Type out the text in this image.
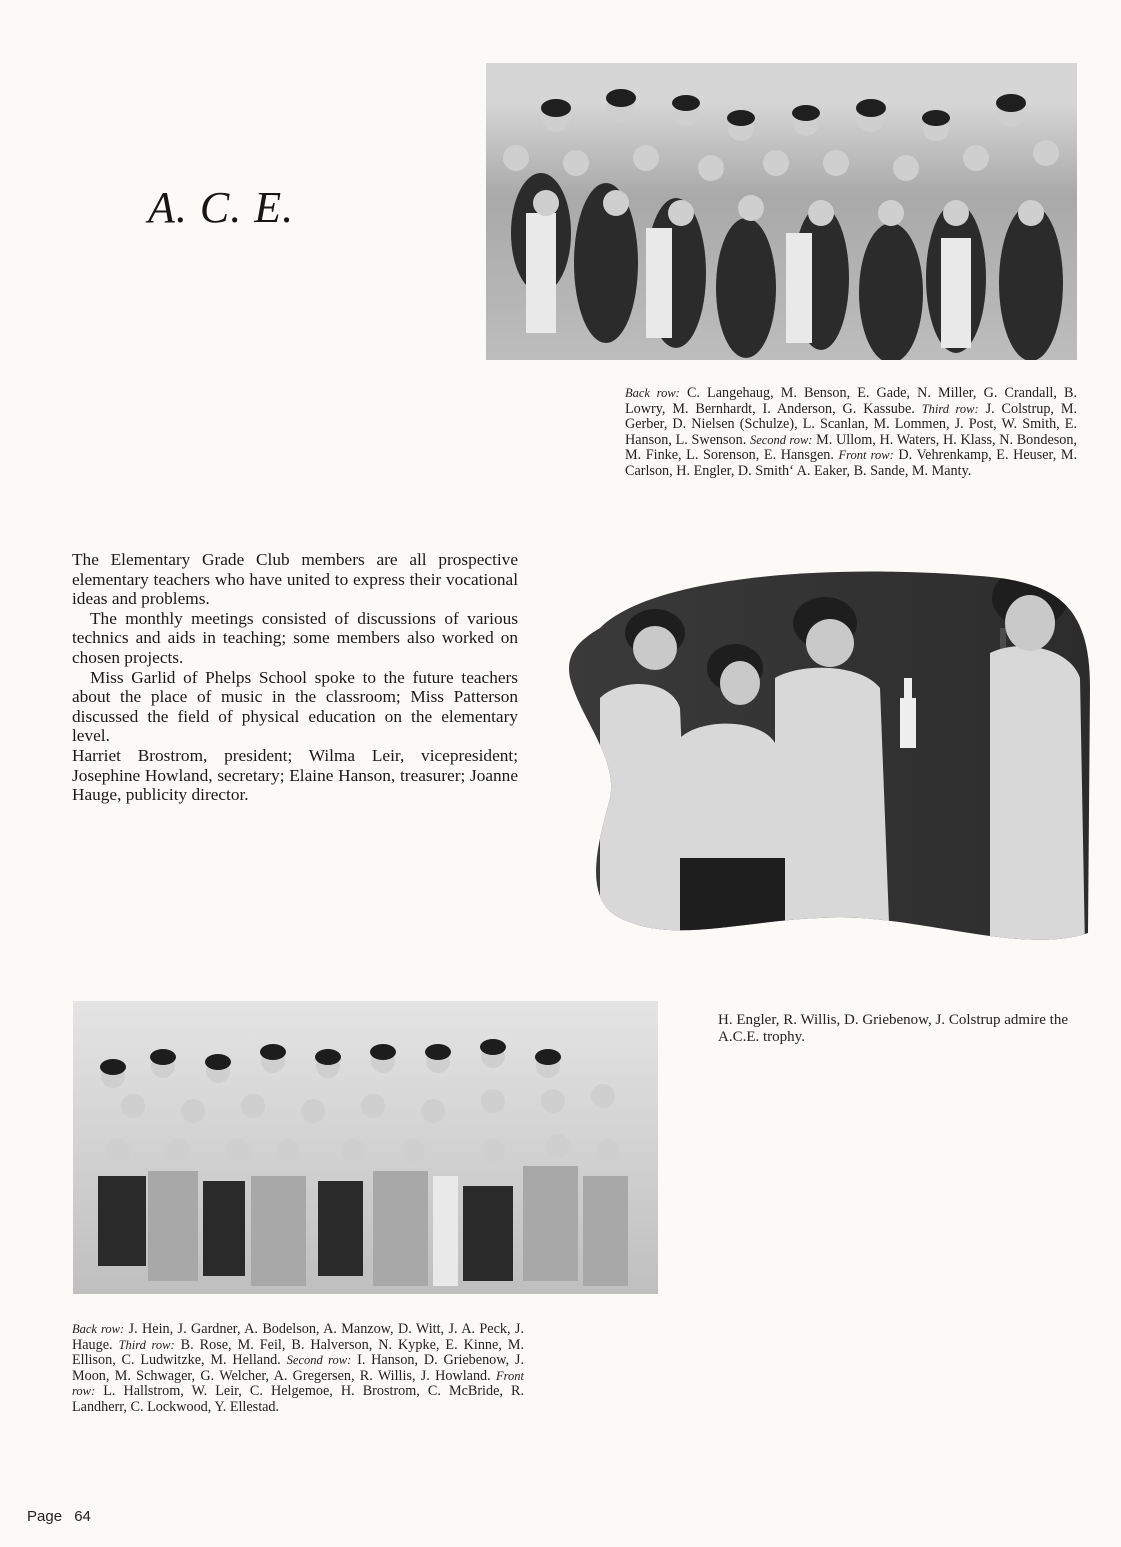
A. C. E.
Back row: C. Langehaug, M. Benson, E. Gade, N. Miller, G. Crandall, B. Lowry, M. Bernhardt, I. Anderson, G. Kassube. Third row: J. Colstrup, M. Gerber, D. Nielsen (Schulze), L. Scanlan, M. Lommen, J. Post, W. Smith, E. Hanson, L. Swenson. Second row: M. Ullom, H. Waters, H. Klass, N. Bondeson, M. Finke, L. Sorenson, E. Hansgen. Front row: D. Vehrenkamp, E. Heuser, M. Carlson, H. Engler, D. Smith‘ A. Eaker, B. Sande, M. Manty.

The Elementary Grade Club members are all prospective elementary teachers who have united to express their vocational ideas and problems.

The monthly meetings consisted of discussions of various technics and aids in teaching; some members also worked on chosen projects.

Miss Garlid of Phelps School spoke to the future teachers about the place of music in the classroom; Miss Patterson discussed the field of physical education on the elementary level.

Harriet Brostrom, president; Wilma Leir, vicepresident; Josephine Howland, secretary; Elaine Hanson, treasurer; Joanne Hauge, publicity director.

H. Engler, R. Willis, D. Griebenow, J. Colstrup admire the A.C.E. trophy.
Back row: J. Hein, J. Gardner, A. Bodelson, A. Manzow, D. Witt, J. A. Peck, J. Hauge. Third row: B. Rose, M. Feil, B. Halverson, N. Kypke, E. Kinne, M. Ellison, C. Ludwitzke, M. Helland. Second row: I. Hanson, D. Griebenow, J. Moon, M. Schwager, G. Welcher, A. Gregersen, R. Willis, J. Howland. Front row: L. Hallstrom, W. Leir, C. Helgemoe, H. Brostrom, C. McBride, R. Landherr, C. Lockwood, Y. Ellestad.
Page 64
